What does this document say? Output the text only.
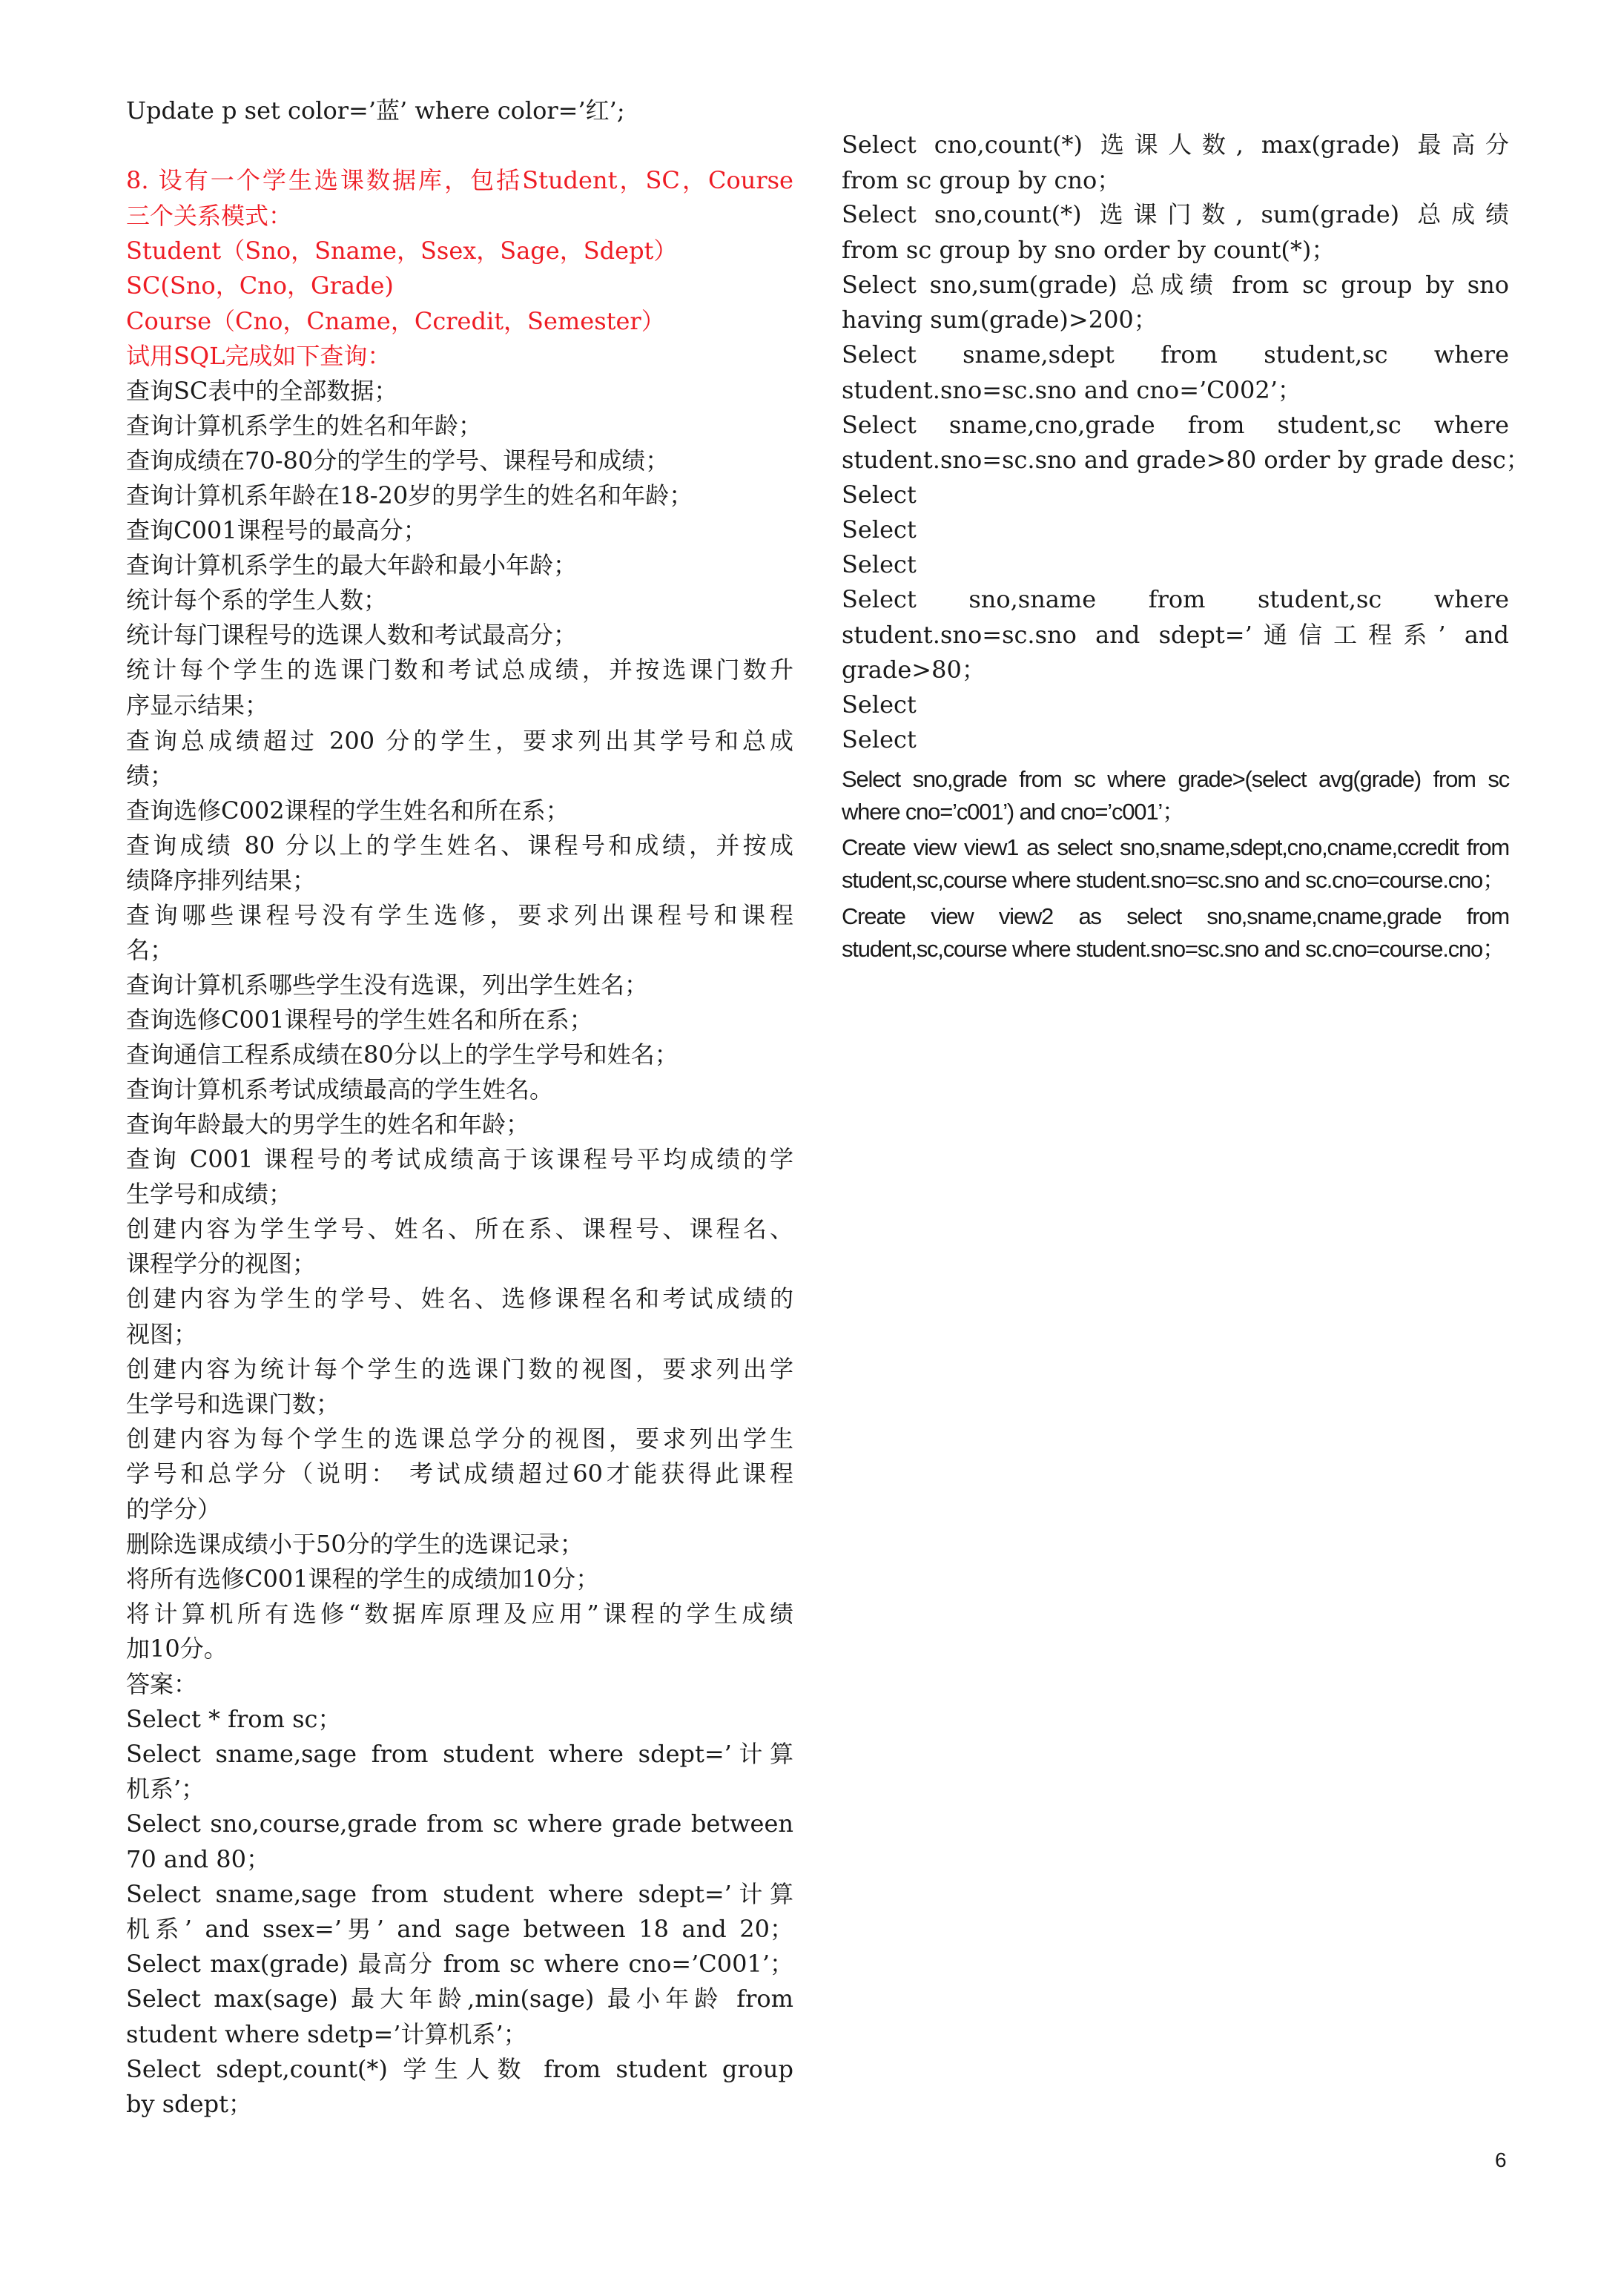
Update p set color=’蓝’ where color=’红’;
8. 设有一个学生选课数据库，包括Student，SC，Course
三个关系模式：
Student（Sno，Sname，Ssex，Sage，Sdept）
SC(Sno，Cno，Grade)
Course（Cno，Cname，Ccredit，Semester）
试用SQL完成如下查询：
查询SC表中的全部数据；
查询计算机系学生的姓名和年龄；
查询成绩在70-80分的学生的学号、课程号和成绩；
查询计算机系年龄在18-20岁的男学生的姓名和年龄；
查询C001课程号的最高分；
查询计算机系学生的最大年龄和最小年龄；
统计每个系的学生人数；
统计每门课程号的选课人数和考试最高分；
统计每个学生的选课门数和考试总成绩，并按选课门数升
序显示结果；
查询总成绩超过 200 分的学生，要求列出其学号和总成
绩；
查询选修C002课程的学生姓名和所在系；
查询成绩 80 分以上的学生姓名、课程号和成绩，并按成
绩降序排列结果；
查询哪些课程号没有学生选修，要求列出课程号和课程
名；
查询计算机系哪些学生没有选课，列出学生姓名；
查询选修C001课程号的学生姓名和所在系；
查询通信工程系成绩在80分以上的学生学号和姓名；
查询计算机系考试成绩最高的学生姓名。
查询年龄最大的男学生的姓名和年龄；
查询 C001 课程号的考试成绩高于该课程号平均成绩的学
生学号和成绩；
创建内容为学生学号、姓名、所在系、课程号、课程名、
课程学分的视图；
创建内容为学生的学号、姓名、选修课程名和考试成绩的
视图；
创建内容为统计每个学生的选课门数的视图，要求列出学
生学号和选课门数；
创建内容为每个学生的选课总学分的视图，要求列出学生
学号和总学分（说明： 考试成绩超过60才能获得此课程
的学分）
删除选课成绩小于50分的学生的选课记录；
将所有选修C001课程的学生的成绩加10分；
将计算机所有选修“数据库原理及应用”课程的学生成绩
加10分。
答案：
Select * from sc；
Select sname,sage from student where sdept=’计算
机系’；
Select sno,course,grade from sc where grade between
70 and 80；
Select sname,sage from student where sdept=’计算
机系’ and ssex=’男’ and sage between 18 and 20；
Select max(grade) 最高分 from sc where cno=’C001’；
Select max(sage) 最大年龄,min(sage) 最小年龄 from
student where sdetp=’计算机系’；
Select sdept,count(*) 学生人数 from student group
by sdept；
Select cno,count(*) 选课人数, max(grade) 最高分
from sc group by cno；
Select sno,count(*) 选课门数, sum(grade) 总成绩
from sc group by sno order by count(*)；
Select sno,sum(grade) 总成绩 from sc group by sno
having sum(grade)>200；
Select sname,sdept from student,sc where
student.sno=sc.sno and cno=’C002’；
Select sname,cno,grade from student,sc where
student.sno=sc.sno and grade>80 order by grade desc；
Select
Select
Select
Select sno,sname from student,sc where
student.sno=sc.sno and sdept=’通信工程系’ and
grade>80；
Select
Select
Select sno,grade from sc where grade>(select avg(grade) from sc
where cno=’c001’) and cno=’c001’；
Create view view1 as select sno,sname,sdept,cno,cname,ccredit from
student,sc,course where student.sno=sc.sno and sc.cno=course.cno；
Create view view2 as select sno,sname,cname,grade from
student,sc,course where student.sno=sc.sno and sc.cno=course.cno；
6
